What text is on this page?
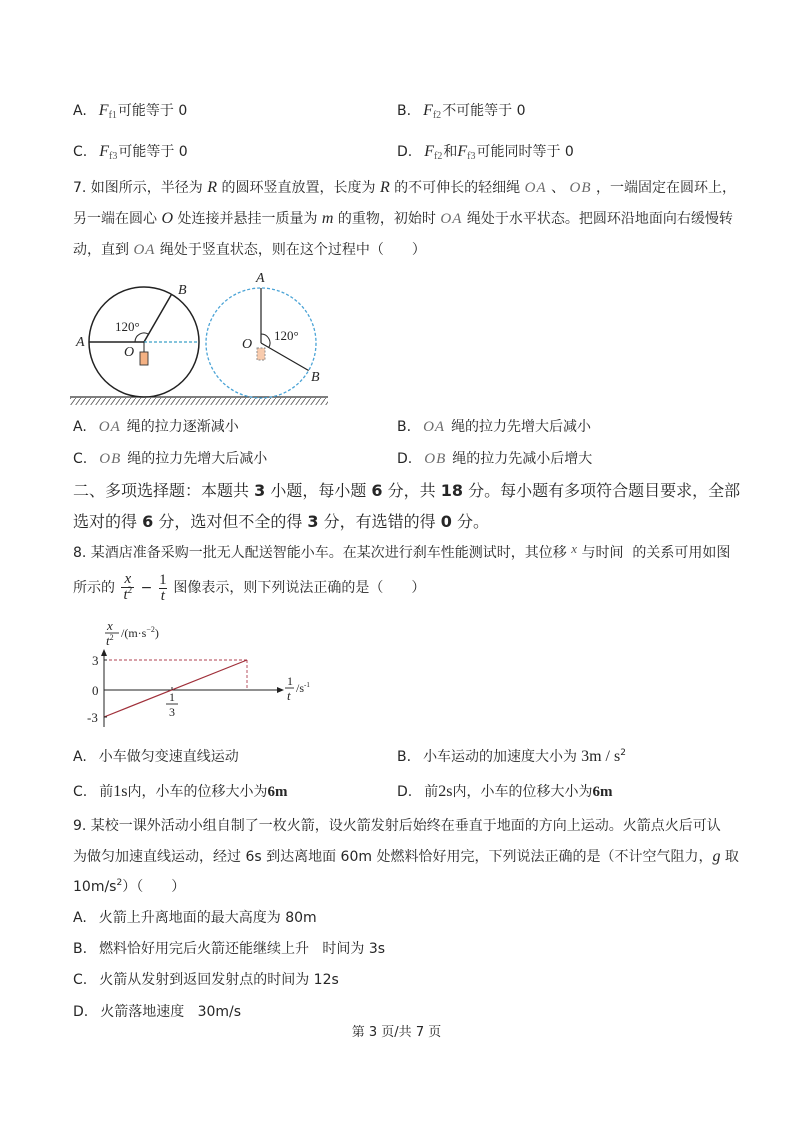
A. $F_{f1}$可能等于 0	B. $F_{f2}$不可能等于 0
C. $F_{f3}$可能等于 0	D. $F_{f2}$和$F_{f3}$可能同时等于 0
7. 如图所示，半径为 R 的圆环竖直放置，长度为 R 的不可伸长的轻细绳 OA 、 OB ，一端固定在圆环上，
另一端在圆心 O 处连接并悬挂一质量为 m 的重物，初始时 OA 绳处于水平状态。把圆环沿地面向右缓慢转
动，直到 OA 绳处于竖直状态，则在这个过程中（　　）
A
B
120°
O
A
O
120°
B
A. OA 绳的拉力逐渐减小	B. OA 绳的拉力先增大后减小
C. OB 绳的拉力先增大后减小	D. OB 绳的拉力先减小后增大
二、多项选择题：本题共 3 小题，每小题 6 分，共 18 分。每小题有多项符合题目要求，全部
选对的得 6 分，选对但不全的得 3 分，有选错的得 0 分。
8. 某酒店准备采购一批无人配送智能小车。在某次进行刹车性能测试时，其位移 x 与时间  的关系可用如图
所示的 $\frac{x}{t^2} - \frac{1}{t}$ 图像表示，则下列说法正确的是（　　）
3
0
-3
1
3
x
$t^2$ $/(m\cdot s^{-2})$
1
t $/s^{-1}$
A. 小车做匀变速直线运动	B. 小车运动的加速度大小为 $3m / s^2$
C. 前1s内，小车的位移大小为6m	D. 前2s内，小车的位移大小为6m
9. 某校一课外活动小组自制了一枚火箭，设火箭发射后始终在垂直于地面的方向上运动。火箭点火后可认
为做匀加速直线运动，经过 6s 到达离地面 60m 处燃料恰好用完，下列说法正确的是（不计空气阻力，g 取
$10m/s^2$）（　　）
A. 火箭上升离地面的最大高度为 80m
B. 燃料恰好用完后火箭还能继续上升   时间为 3s
C. 火箭从发射到返回发射点的时间为 12s
D. 火箭落地速度   30m/s
第 3 页/共 7 页
